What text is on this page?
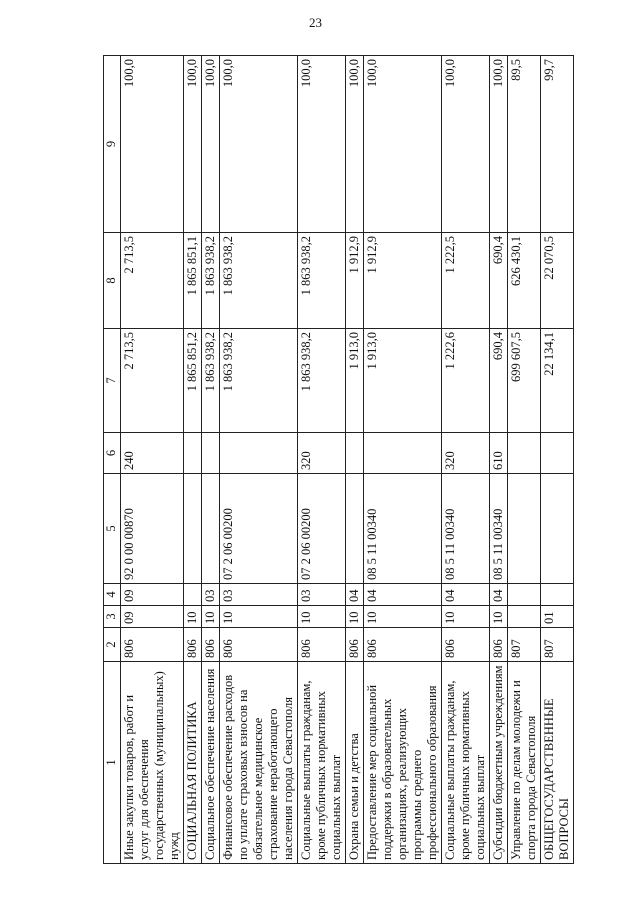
23
1	2	3	4	5	6	7	8	9
Иные закупки товаров, работ и услуг для обеспечения государственных (муниципальных) нужд	806	09	09	92 0 00 00870	240	2 713,5	2 713,5	100,0
СОЦИАЛЬНАЯ ПОЛИТИКА	806	10				1 865 851,2	1 865 851,1	100,0
Социальное обеспечение населения	806	10	03			1 863 938,2	1 863 938,2	100,0
Финансовое обеспечение расходов по уплате страховых взносов на обязательное медицинское страхование неработающего населения города Севастополя	806	10	03	07 2 06 00200		1 863 938,2	1 863 938,2	100,0
Социальные выплаты гражданам, кроме публичных нормативных социальных выплат	806	10	03	07 2 06 00200	320	1 863 938,2	1 863 938,2	100,0
Охрана семьи и детства	806	10	04			1 913,0	1 912,9	100,0
Предоставление мер социальной поддержки в образовательных организациях, реализующих программы среднего профессионального образования	806	10	04	08 5 11 00340		1 913,0	1 912,9	100,0
Социальные выплаты гражданам, кроме публичных нормативных социальных выплат	806	10	04	08 5 11 00340	320	1 222,6	1 222,5	100,0
Субсидии бюджетным учреждениям	806	10	04	08 5 11 00340	610	690,4	690,4	100,0
Управление по делам молодежи и спорта города Севастополя	807					699 607,5	626 430,1	89,5
ОБЩЕГОСУДАРСТВЕННЫЕ ВОПРОСЫ	807	01				22 134,1	22 070,5	99,7
